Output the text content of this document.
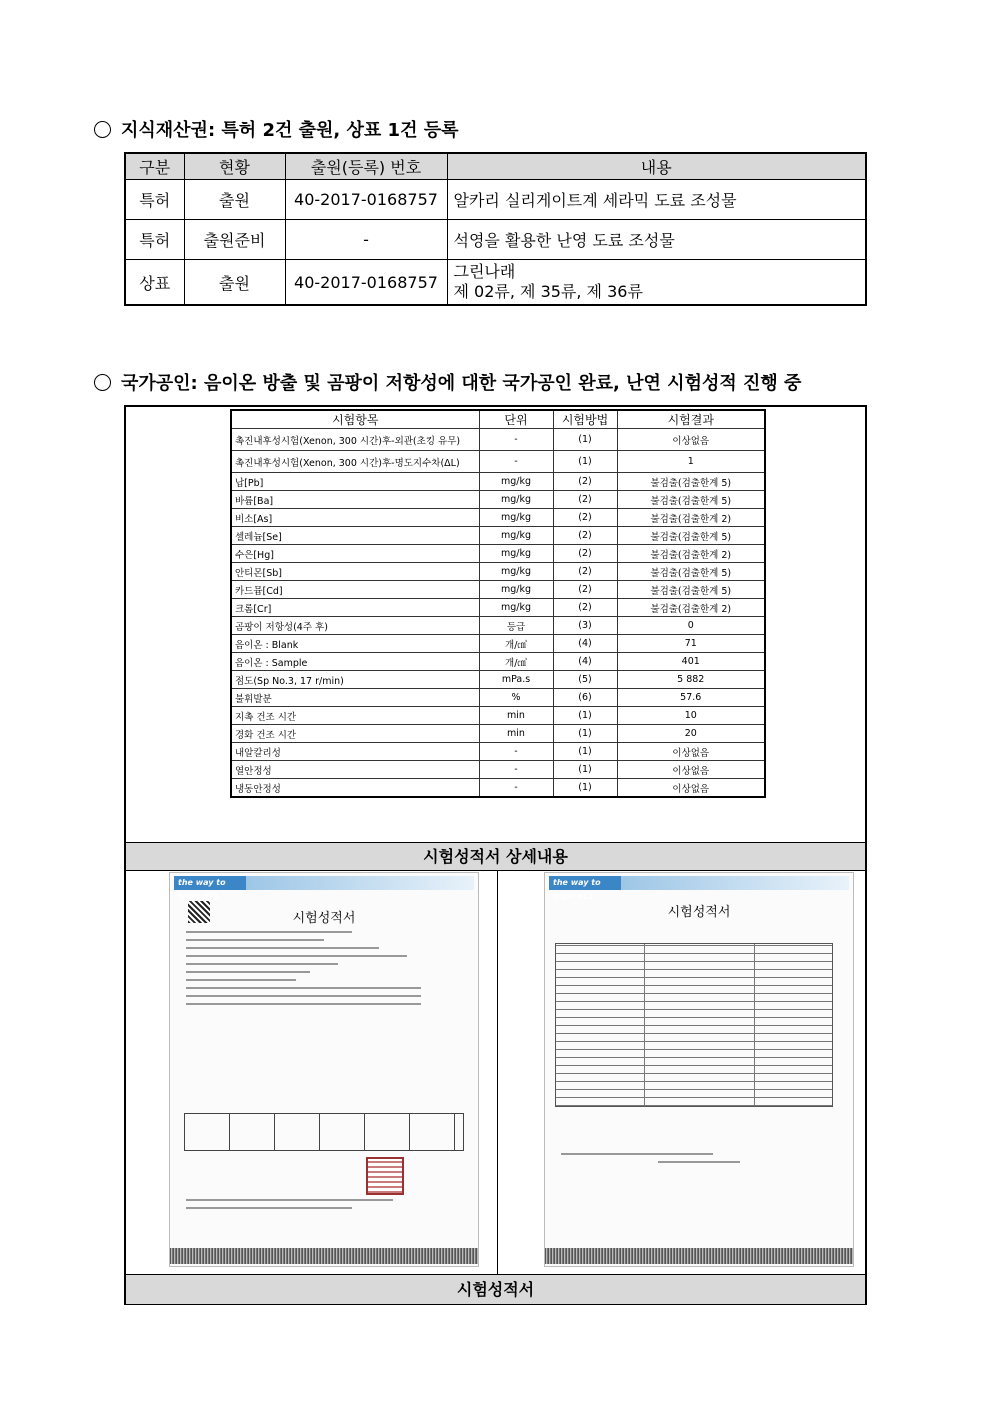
지식재산권: 특허 2건 출원, 상표 1건 등록
구분	현황	출원(등록) 번호	내용
특허	출원	40-2017-0168757	알카리 실리게이트계 세라믹 도료 조성물
특허	출원준비	-	석영을 활용한 난영 도료 조성물
상표	출원	40-2017-0168757	그린나래
제 02류, 제 35류, 제 36류
국가공인: 음이온 방출 및 곰팡이 저항성에 대한 국가공인 완료, 난연 시험성적 진행 중
시험항목	단위	시험방법	시험결과
촉진내후성시험(Xenon, 300 시간)후-외관(초킹 유무)	-	(1)	이상없음
촉진내후성시험(Xenon, 300 시간)후-명도지수차(ΔL)	-	(1)	1
납[Pb]	mg/kg	(2)	불검출(검출한계 5)
바륨[Ba]	mg/kg	(2)	불검출(검출한계 5)
비소[As]	mg/kg	(2)	불검출(검출한계 2)
셀레늄[Se]	mg/kg	(2)	불검출(검출한계 5)
수은[Hg]	mg/kg	(2)	불검출(검출한계 2)
안티몬[Sb]	mg/kg	(2)	불검출(검출한계 5)
카드뮴[Cd]	mg/kg	(2)	불검출(검출한계 5)
크롬[Cr]	mg/kg	(2)	불검출(검출한계 2)
곰팡이 저항성(4주 후)	등급	(3)	0
음이온 : Blank	개/㎤	(4)	71
음이온 : Sample	개/㎤	(4)	401
점도(Sp No.3, 17 r/min)	mPa.s	(5)	5 882
불휘발분	%	(6)	57.6
지촉 건조 시간	min	(1)	10
경화 건조 시간	min	(1)	20
내알칼리성	-	(1)	이상없음
열안정성	-	(1)	이상없음
냉동안정성	-	(1)	이상없음
시험성적서 상세내용
시험성적서
the way to trust KCL
시험성적서
the way to trust KCL
시험성적서
